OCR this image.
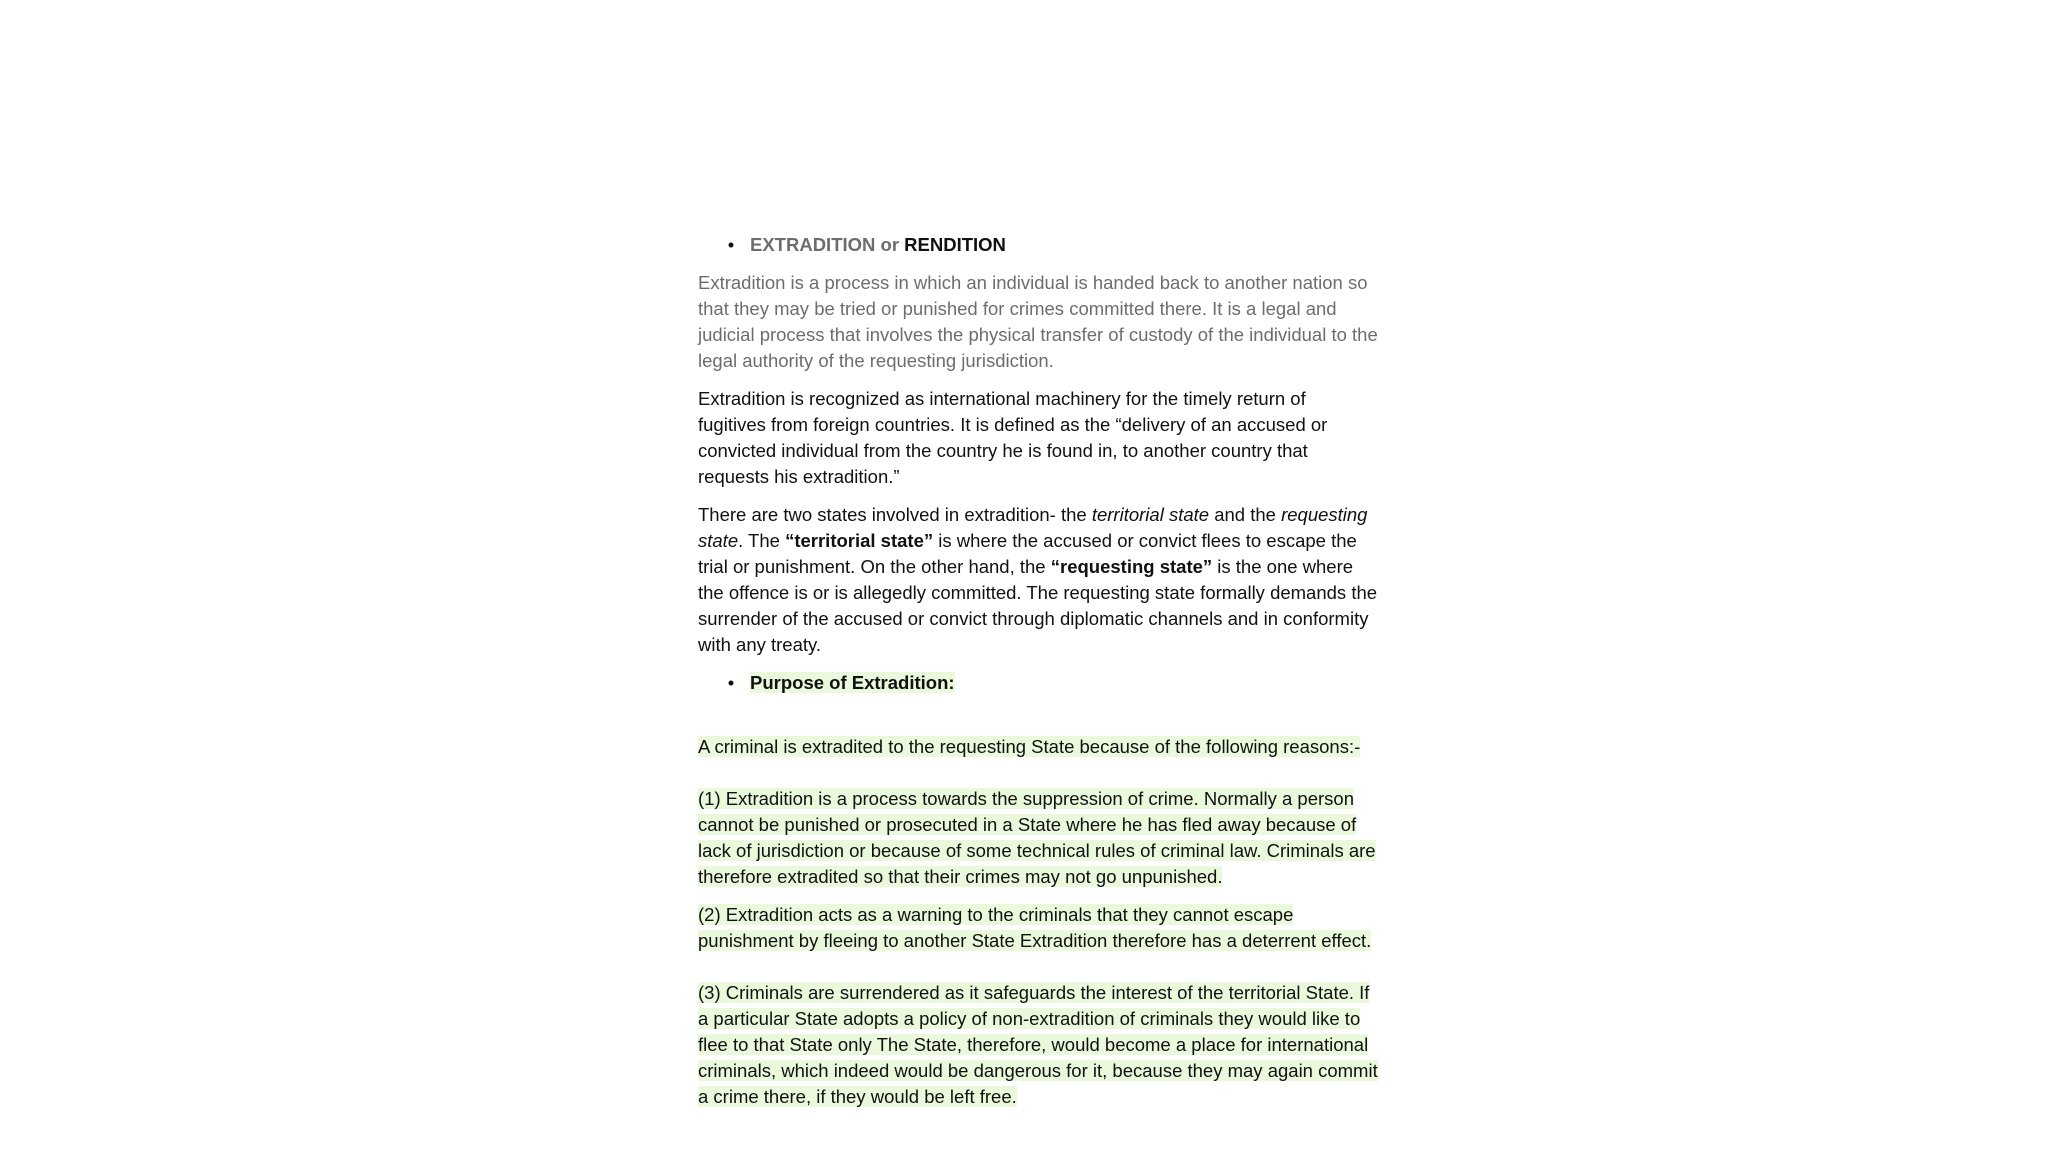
• EXTRADITION or RENDITION

Extradition is a process in which an individual is handed back to another nation so that they may be tried or punished for crimes committed there. It is a legal and judicial process that involves the physical transfer of custody of the individual to the legal authority of the requesting jurisdiction.

Extradition is recognized as international machinery for the timely return of fugitives from foreign countries. It is defined as the “delivery of an accused or convicted individual from the country he is found in, to another country that requests his extradition.”

There are two states involved in extradition- the territorial state and the requesting state. The “territorial state” is where the accused or convict flees to escape the trial or punishment. On the other hand, the “requesting state” is the one where the offence is or is allegedly committed. The requesting state formally demands the surrender of the accused or convict through diplomatic channels and in conformity with any treaty.

• Purpose of Extradition:

A criminal is extradited to the requesting State because of the following reasons:-

(1) Extradition is a process towards the suppression of crime. Normally a person cannot be punished or prosecuted in a State where he has fled away because of lack of jurisdiction or because of some technical rules of criminal law. Criminals are therefore extradited so that their crimes may not go unpunished.

(2) Extradition acts as a warning to the criminals that they cannot escape punishment by fleeing to another State Extradition therefore has a deterrent effect.

(3) Criminals are surrendered as it safeguards the interest of the territorial State. If a particular State adopts a policy of non-extradition of criminals they would like to flee to that State only The State, therefore, would become a place for international criminals, which indeed would be dangerous for it, because they may again commit a crime there, if they would be left free.
